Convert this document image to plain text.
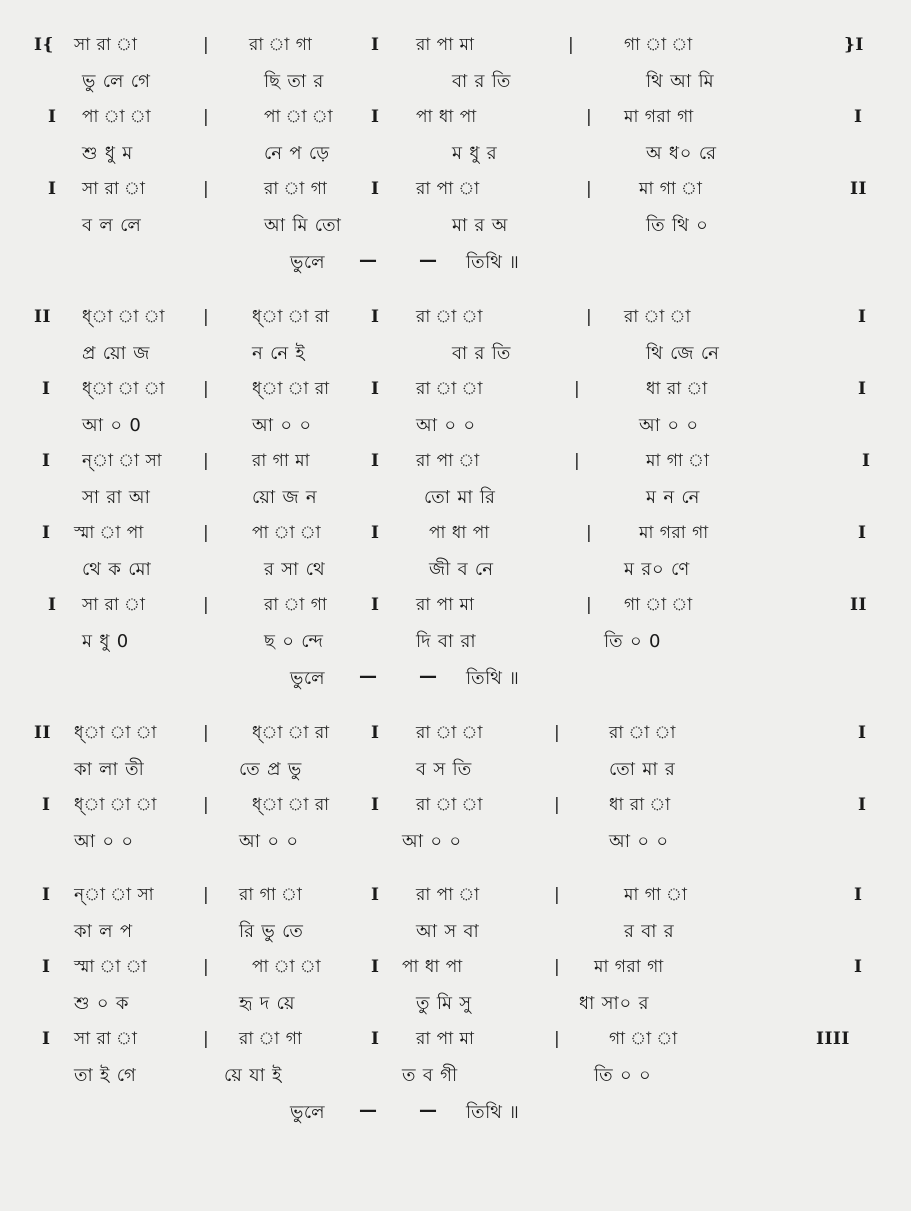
I{ সা রা া	| রা া গা	I রা পা মা	|	গা া া	}I
ভু লে গে	ছি তা র	বা র তি	থি আ মি
I পা া া	|	পা া া I পা ধা পা	| মা গরা গা	I
শু ধু ম	নে প ড়ে	ম ধু র	অ ধ০ রে
I সা রা া	|	রা া গা	I রা পা া	|	মা গা া	II
ব ল লে	আ মি তো	মা র অ	তি থি ০
ভুলে — — তিথি ॥
II ধ্া া া |	ধ্া া রা I রা া া	| রা া া	I
প্র য়ো জ	ন নে ই	বা র তি	থি জে নে
I ধ্া া া |	ধ্া া রা I রা া া	|	ধা রা া	I
আ ০ 0	আ ০ ০	আ ০ ০	আ ০ ০
I ন্া া সা |	রা গা মা	I রা পা া	|	মা গা া	I
সা রা আ	য়ো জ ন	তো মা রি	ম ন নে
I স্মা া পা	|	পা া া	I	পা ধা পা	|	মা গরা গা	I
থে ক মো	র সা থে	জী ব নে	ম র০ ণে
I সা রা া	|	রা া গা	I রা পা মা	| গা া া	II
ম ধু 0	ছ ০ ন্দে	দি বা রা	তি ০ 0
ভুলে — — তিথি ॥
II ধ্া া া	|	ধ্া া রা I রা া া	|	রা া া	I
কা লা তী	তে প্র ভু	ব স তি	তো মা র
I ধ্া া া	|	ধ্া া রা I রা া া	|	ধা রা া	I
আ ০ ০	আ ০ ০	আ ০ ০	আ ০ ০
I ন্া া সা	| রা গা া	I রা পা া	|	মা গা া	I
কা ল প	রি ভু তে	আ স বা	র বা র
I স্মা া া	|	পা া া	I পা ধা পা	| মা গরা গা	I
শু ০ ক	হৃ দ য়ে	তু মি সু	ধা সা০ র
I সা রা া	| রা া গা	I রা পা মা	|	গা া া	IIII
তা ই গে	য়ে যা ই	ত ব গী	তি ০ ০
ভুলে — — তিথি ॥
